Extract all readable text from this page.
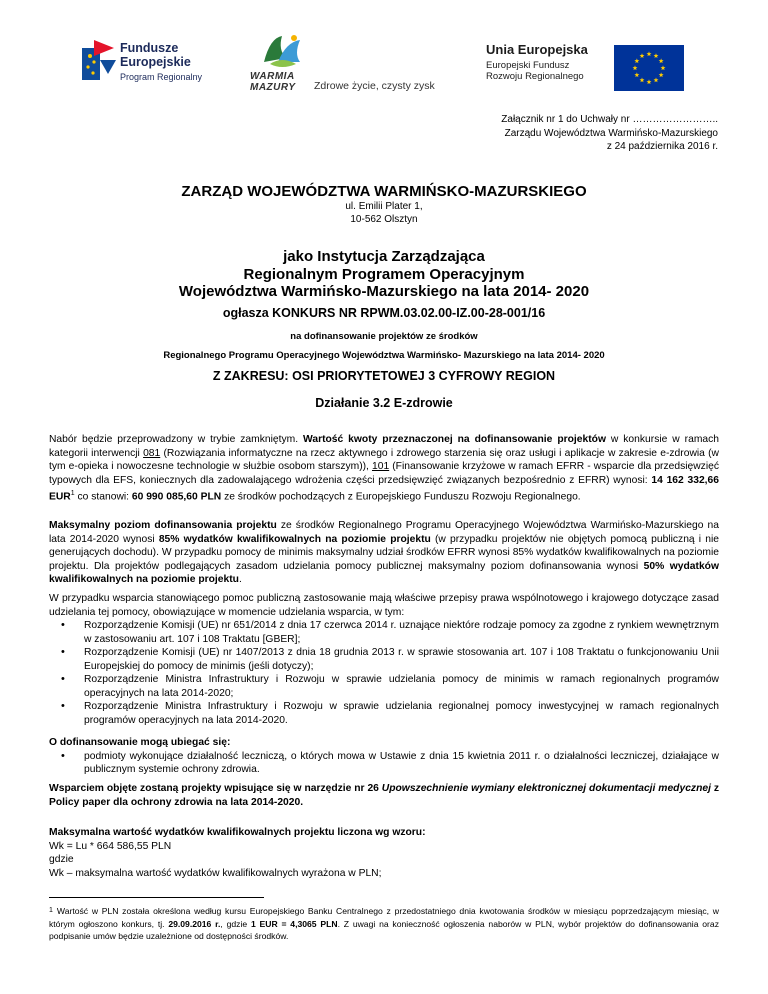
Fundusze
Europejskie
Program Regionalny	WARMIA
MAZURY Zdrowe życie, czysty zysk
Unia Europejska
Europejski Fundusz
Rozwoju Regionalnego
Załącznik nr 1 do Uchwały nr ……………………..
Zarządu Województwa Warmińsko-Mazurskiego
z 24 października 2016 r.
ZARZĄD WOJEWÓDZTWA WARMIŃSKO-MAZURSKIEGO
ul. Emilii Plater 1,
10-562 Olsztyn
jako Instytucja Zarządzająca
Regionalnym Programem Operacyjnym
Województwa Warmińsko-Mazurskiego na lata 2014- 2020
ogłasza KONKURS NR RPWM.03.02.00-IZ.00-28-001/16
na dofinansowanie projektów ze środków
Regionalnego Programu Operacyjnego Województwa Warmińsko- Mazurskiego na lata 2014- 2020
Z ZAKRESU: OSI PRIORYTETOWEJ 3 CYFROWY REGION
Działanie 3.2 E-zdrowie
Nabór będzie przeprowadzony w trybie zamkniętym. Wartość kwoty przeznaczonej na dofinansowanie projektów w konkursie w ramach kategorii interwencji 081 (Rozwiązania informatyczne na rzecz aktywnego i zdrowego starzenia się oraz usługi i aplikacje w zakresie e-zdrowia (w tym e-opieka i nowoczesne technologie w służbie osobom starszym)), 101 (Finansowanie krzyżowe w ramach EFRR - wsparcie dla przedsięwzięć typowych dla EFS, koniecznych dla zadowalającego wdrożenia części przedsięwzięć związanych bezpośrednio z EFRR) wynosi: 14 162 332,66 EUR$^1$ co stanowi: 60 990 085,60 PLN ze środków pochodzących z Europejskiego Funduszu Rozwoju Regionalnego.
Maksymalny poziom dofinansowania projektu ze środków Regionalnego Programu Operacyjnego Województwa Warmińsko-Mazurskiego na lata 2014-2020 wynosi 85% wydatków kwalifikowalnych na poziomie projektu (w przypadku projektów nie objętych pomocą publiczną i nie generujących dochodu). W przypadku pomocy de minimis maksymalny udział środków EFRR wynosi 85% wydatków kwalifikowalnych na poziomie projektu. Dla projektów podlegających zasadom udzielania pomocy publicznej maksymalny poziom dofinansowania wynosi 50% wydatków kwalifikowalnych na poziomie projektu.
W przypadku wsparcia stanowiącego pomoc publiczną zastosowanie mają właściwe przepisy prawa wspólnotowego i krajowego dotyczące zasad udzielania tej pomocy, obowiązujące w momencie udzielania wsparcia, w tym:
• Rozporządzenie Komisji (UE) nr 651/2014 z dnia 17 czerwca 2014 r. uznające niektóre rodzaje pomocy za zgodne z rynkiem wewnętrznym w zastosowaniu art. 107 i 108 Traktatu [GBER];
• Rozporządzenie Komisji (UE) nr 1407/2013 z dnia 18 grudnia 2013 r. w sprawie stosowania art. 107 i 108 Traktatu o funkcjonowaniu Unii Europejskiej do pomocy de minimis (jeśli dotyczy);
• Rozporządzenie Ministra Infrastruktury i Rozwoju w sprawie udzielania pomocy de minimis w ramach regionalnych programów operacyjnych na lata 2014-2020;
• Rozporządzenie Ministra Infrastruktury i Rozwoju w sprawie udzielania regionalnej pomocy inwestycyjnej w ramach regionalnych programów operacyjnych na lata 2014-2020.
O dofinansowanie mogą ubiegać się:
• podmioty wykonujące działalność leczniczą, o których mowa w Ustawie z dnia 15 kwietnia 2011 r. o działalności leczniczej, działające w publicznym systemie ochrony zdrowia.
Wsparciem objęte zostaną projekty wpisujące się w narzędzie nr 26 Upowszechnienie wymiany elektronicznej dokumentacji medycznej z Policy paper dla ochrony zdrowia na lata 2014-2020.
Maksymalna wartość wydatków kwalifikowalnych projektu liczona wg wzoru:
Wk = Lu * 664 586,55 PLN
gdzie
Wk – maksymalna wartość wydatków kwalifikowalnych wyrażona w PLN;
$^1$ Wartość w PLN została określona według kursu Europejskiego Banku Centralnego z przedostatniego dnia kwotowania środków w miesiącu poprzedzającym miesiąc, w którym ogłoszono konkurs, tj. 29.09.2016 r., gdzie 1 EUR = 4,3065 PLN. Z uwagi na konieczność ogłoszenia naborów w PLN, wybór projektów do dofinansowania oraz podpisanie umów będzie uzależnione od dostępności środków.
